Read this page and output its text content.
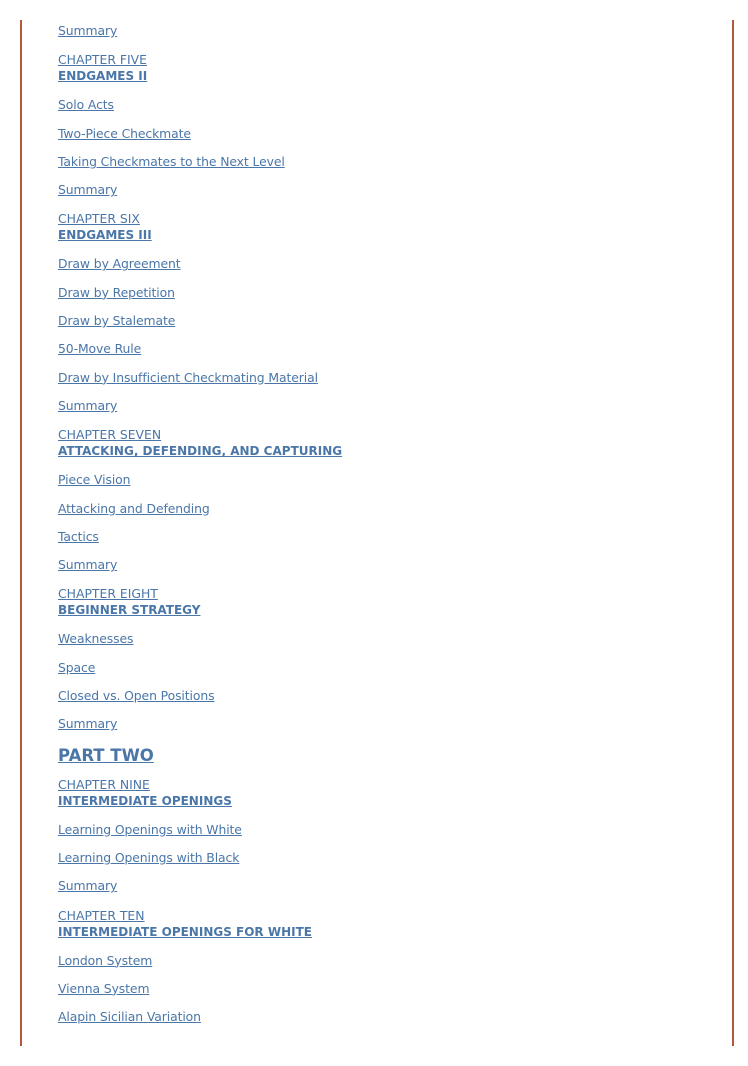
Summary
CHAPTER FIVE
ENDGAMES II
Solo Acts
Two-Piece Checkmate
Taking Checkmates to the Next Level
Summary
CHAPTER SIX
ENDGAMES III
Draw by Agreement
Draw by Repetition
Draw by Stalemate
50-Move Rule
Draw by Insufficient Checkmating Material
Summary
CHAPTER SEVEN
ATTACKING, DEFENDING, AND CAPTURING
Piece Vision
Attacking and Defending
Tactics
Summary
CHAPTER EIGHT
BEGINNER STRATEGY
Weaknesses
Space
Closed vs. Open Positions
Summary
PART TWO
CHAPTER NINE
INTERMEDIATE OPENINGS
Learning Openings with White
Learning Openings with Black
Summary
CHAPTER TEN
INTERMEDIATE OPENINGS FOR WHITE
London System
Vienna System
Alapin Sicilian Variation
